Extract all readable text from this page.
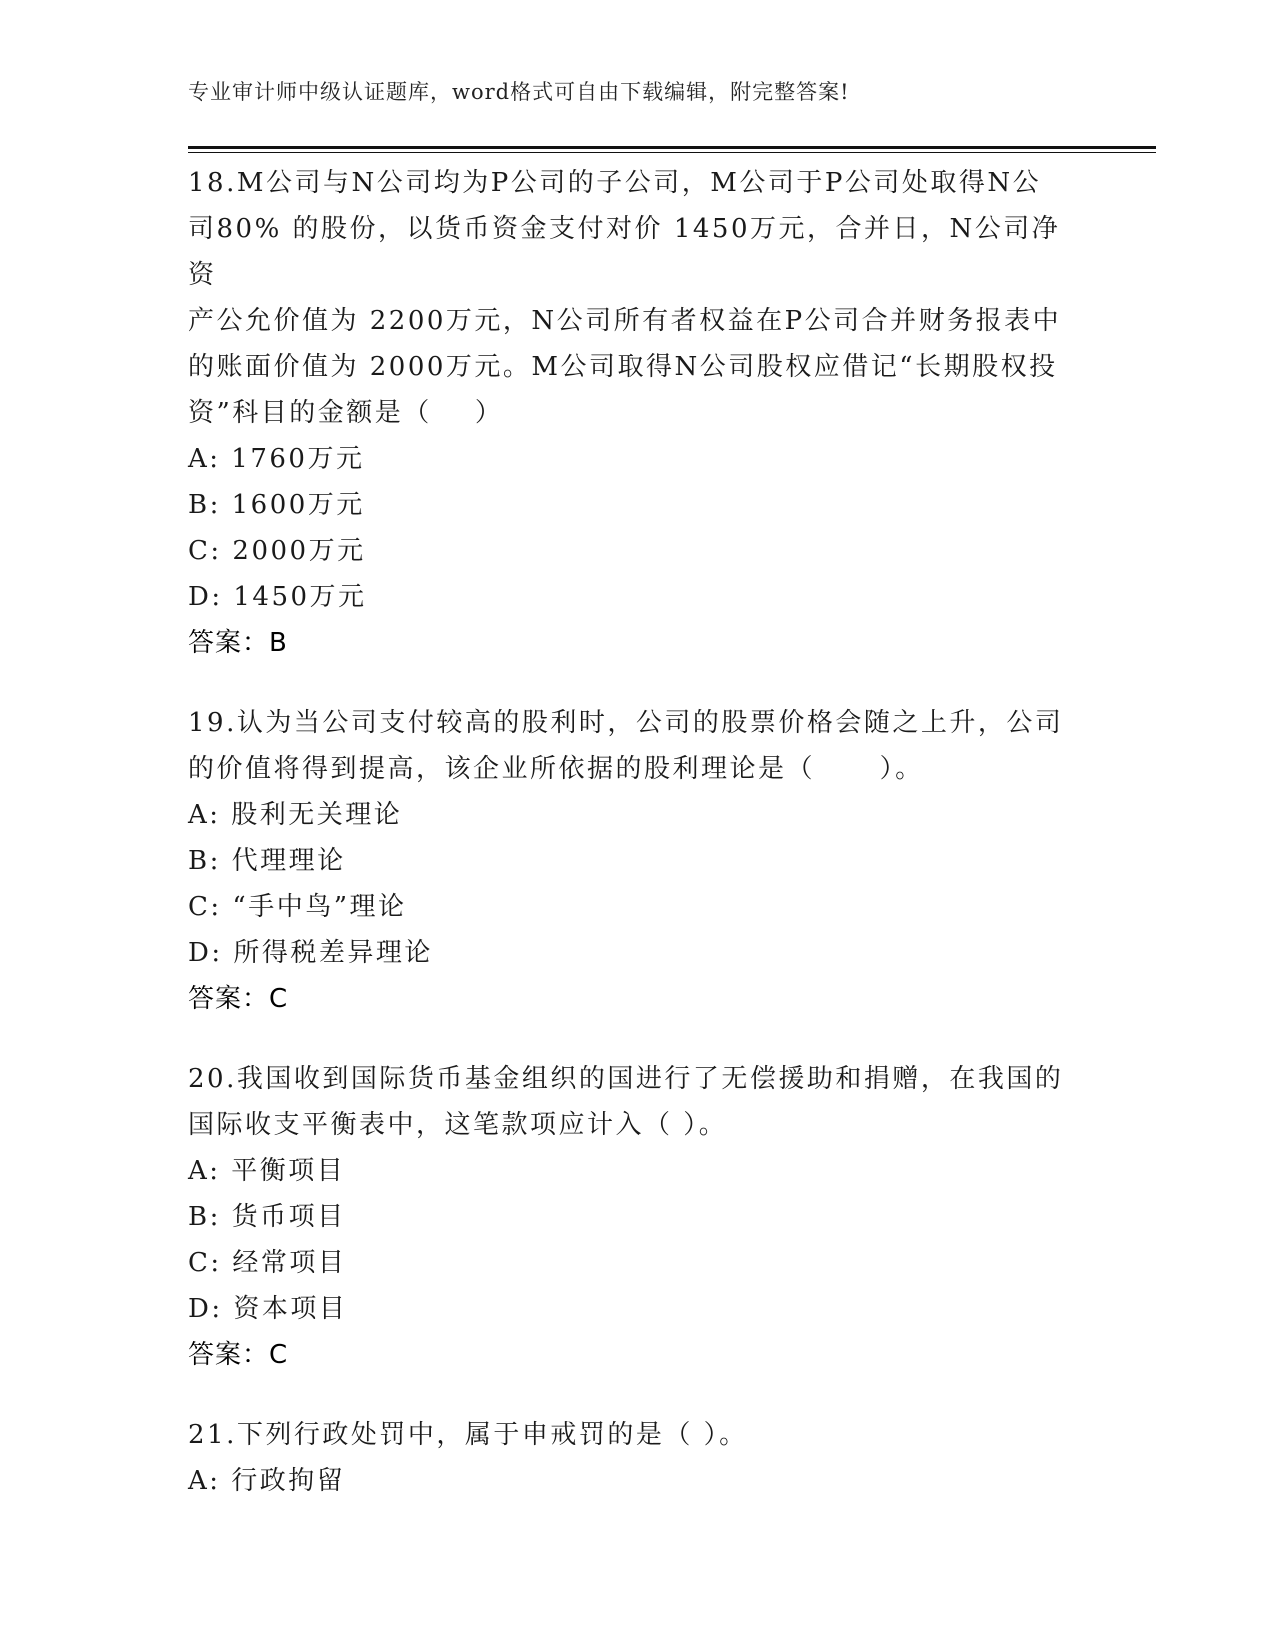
专业审计师中级认证题库，word格式可自由下载编辑，附完整答案!

18.M公司与N公司均为P公司的子公司，M公司于P公司处取得N公

司80% 的股份，以货币资金支付对价 1450万元，合并日，N公司净资

产公允价值为 2200万元，N公司所有者权益在P公司合并财务报表中

的账面价值为 2000万元。M公司取得N公司股权应借记“长期股权投

资”科目的金额是（    ）

A: 1760万元

B: 1600万元

C: 2000万元

D: 1450万元

答案：B

19.认为当公司支付较高的股利时，公司的股票价格会随之上升，公司

的价值将得到提高，该企业所依据的股利理论是（      ）。

A: 股利无关理论

B: 代理理论

C: “手中鸟”理论

D: 所得税差异理论

答案：C

20.我国收到国际货币基金组织的国进行了无偿援助和捐赠，在我国的

国际收支平衡表中，这笔款项应计入（ ）。

A: 平衡项目

B: 货币项目

C: 经常项目

D: 资本项目

答案：C

21.下列行政处罚中，属于申戒罚的是（ ）。

A: 行政拘留
